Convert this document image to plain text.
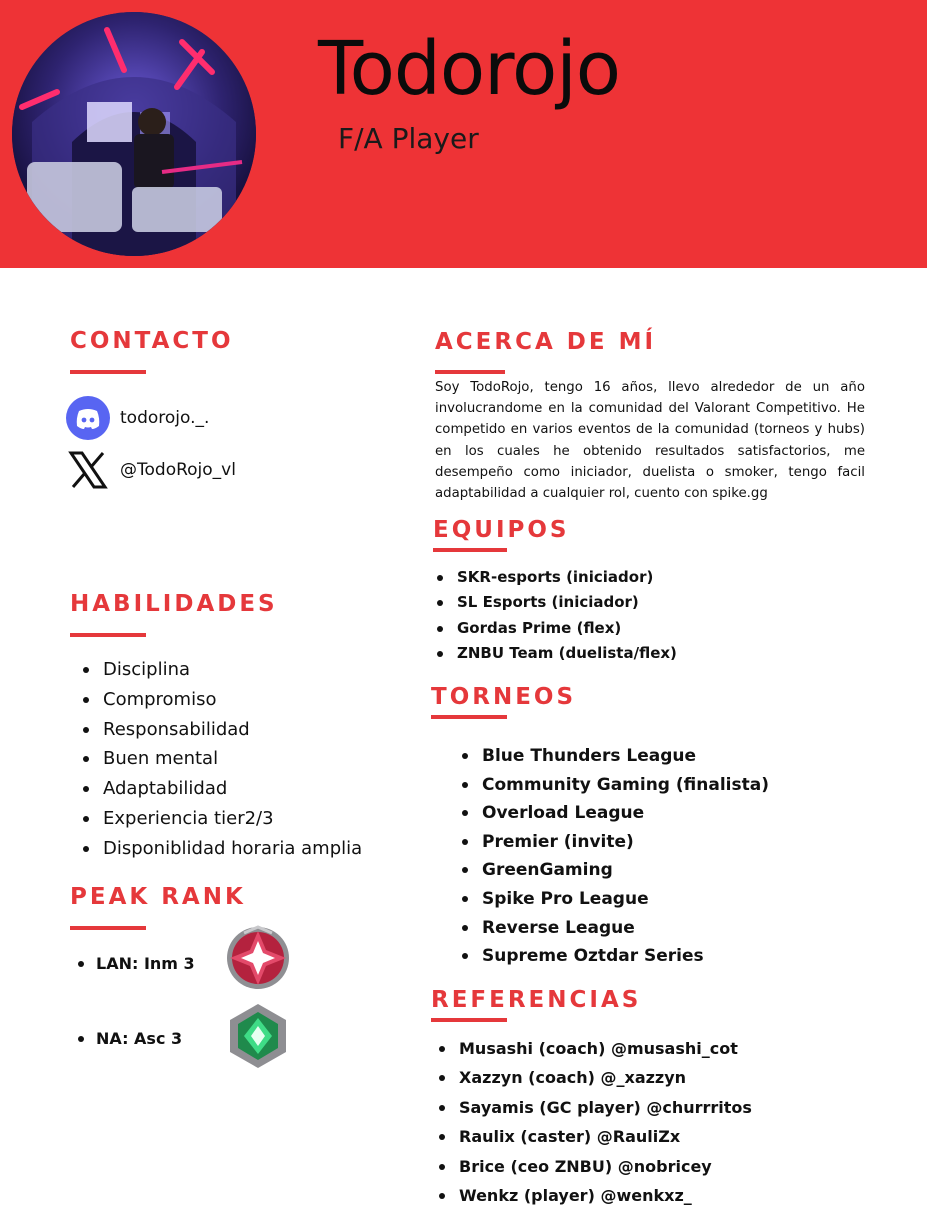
Todorojo
F/A Player
CONTACTO
todorojo._.
@TodoRojo_vl
HABILIDADES
Disciplina
Compromiso
Responsabilidad
Buen mental
Adaptabilidad
Experiencia tier2/3
Disponiblidad horaria amplia
PEAK RANK
LAN: Inm 3
NA: Asc 3
ACERCA DE MÍ
Soy TodoRojo, tengo 16 años, llevo alrededor de un año involucrandome en la comunidad del Valorant Competitivo. He competido en varios eventos de la comunidad (torneos y hubs) en los cuales he obtenido resultados satisfactorios, me desempeño como iniciador, duelista o smoker, tengo facil adaptabilidad a cualquier rol, cuento con spike.gg
EQUIPOS
SKR-esports (iniciador)
SL Esports (iniciador)
Gordas Prime (flex)
ZNBU Team (duelista/flex)
TORNEOS
Blue Thunders League
Community Gaming (finalista)
Overload League
Premier (invite)
GreenGaming
Spike Pro League
Reverse League
Supreme Oztdar Series
REFERENCIAS
Musashi (coach) @musashi_cot
Xazzyn (coach) @_xazzyn
Sayamis (GC player) @churrritos
Raulix (caster) @RauliZx
Brice (ceo ZNBU) @nobricey
Wenkz (player) @wenkxz_
